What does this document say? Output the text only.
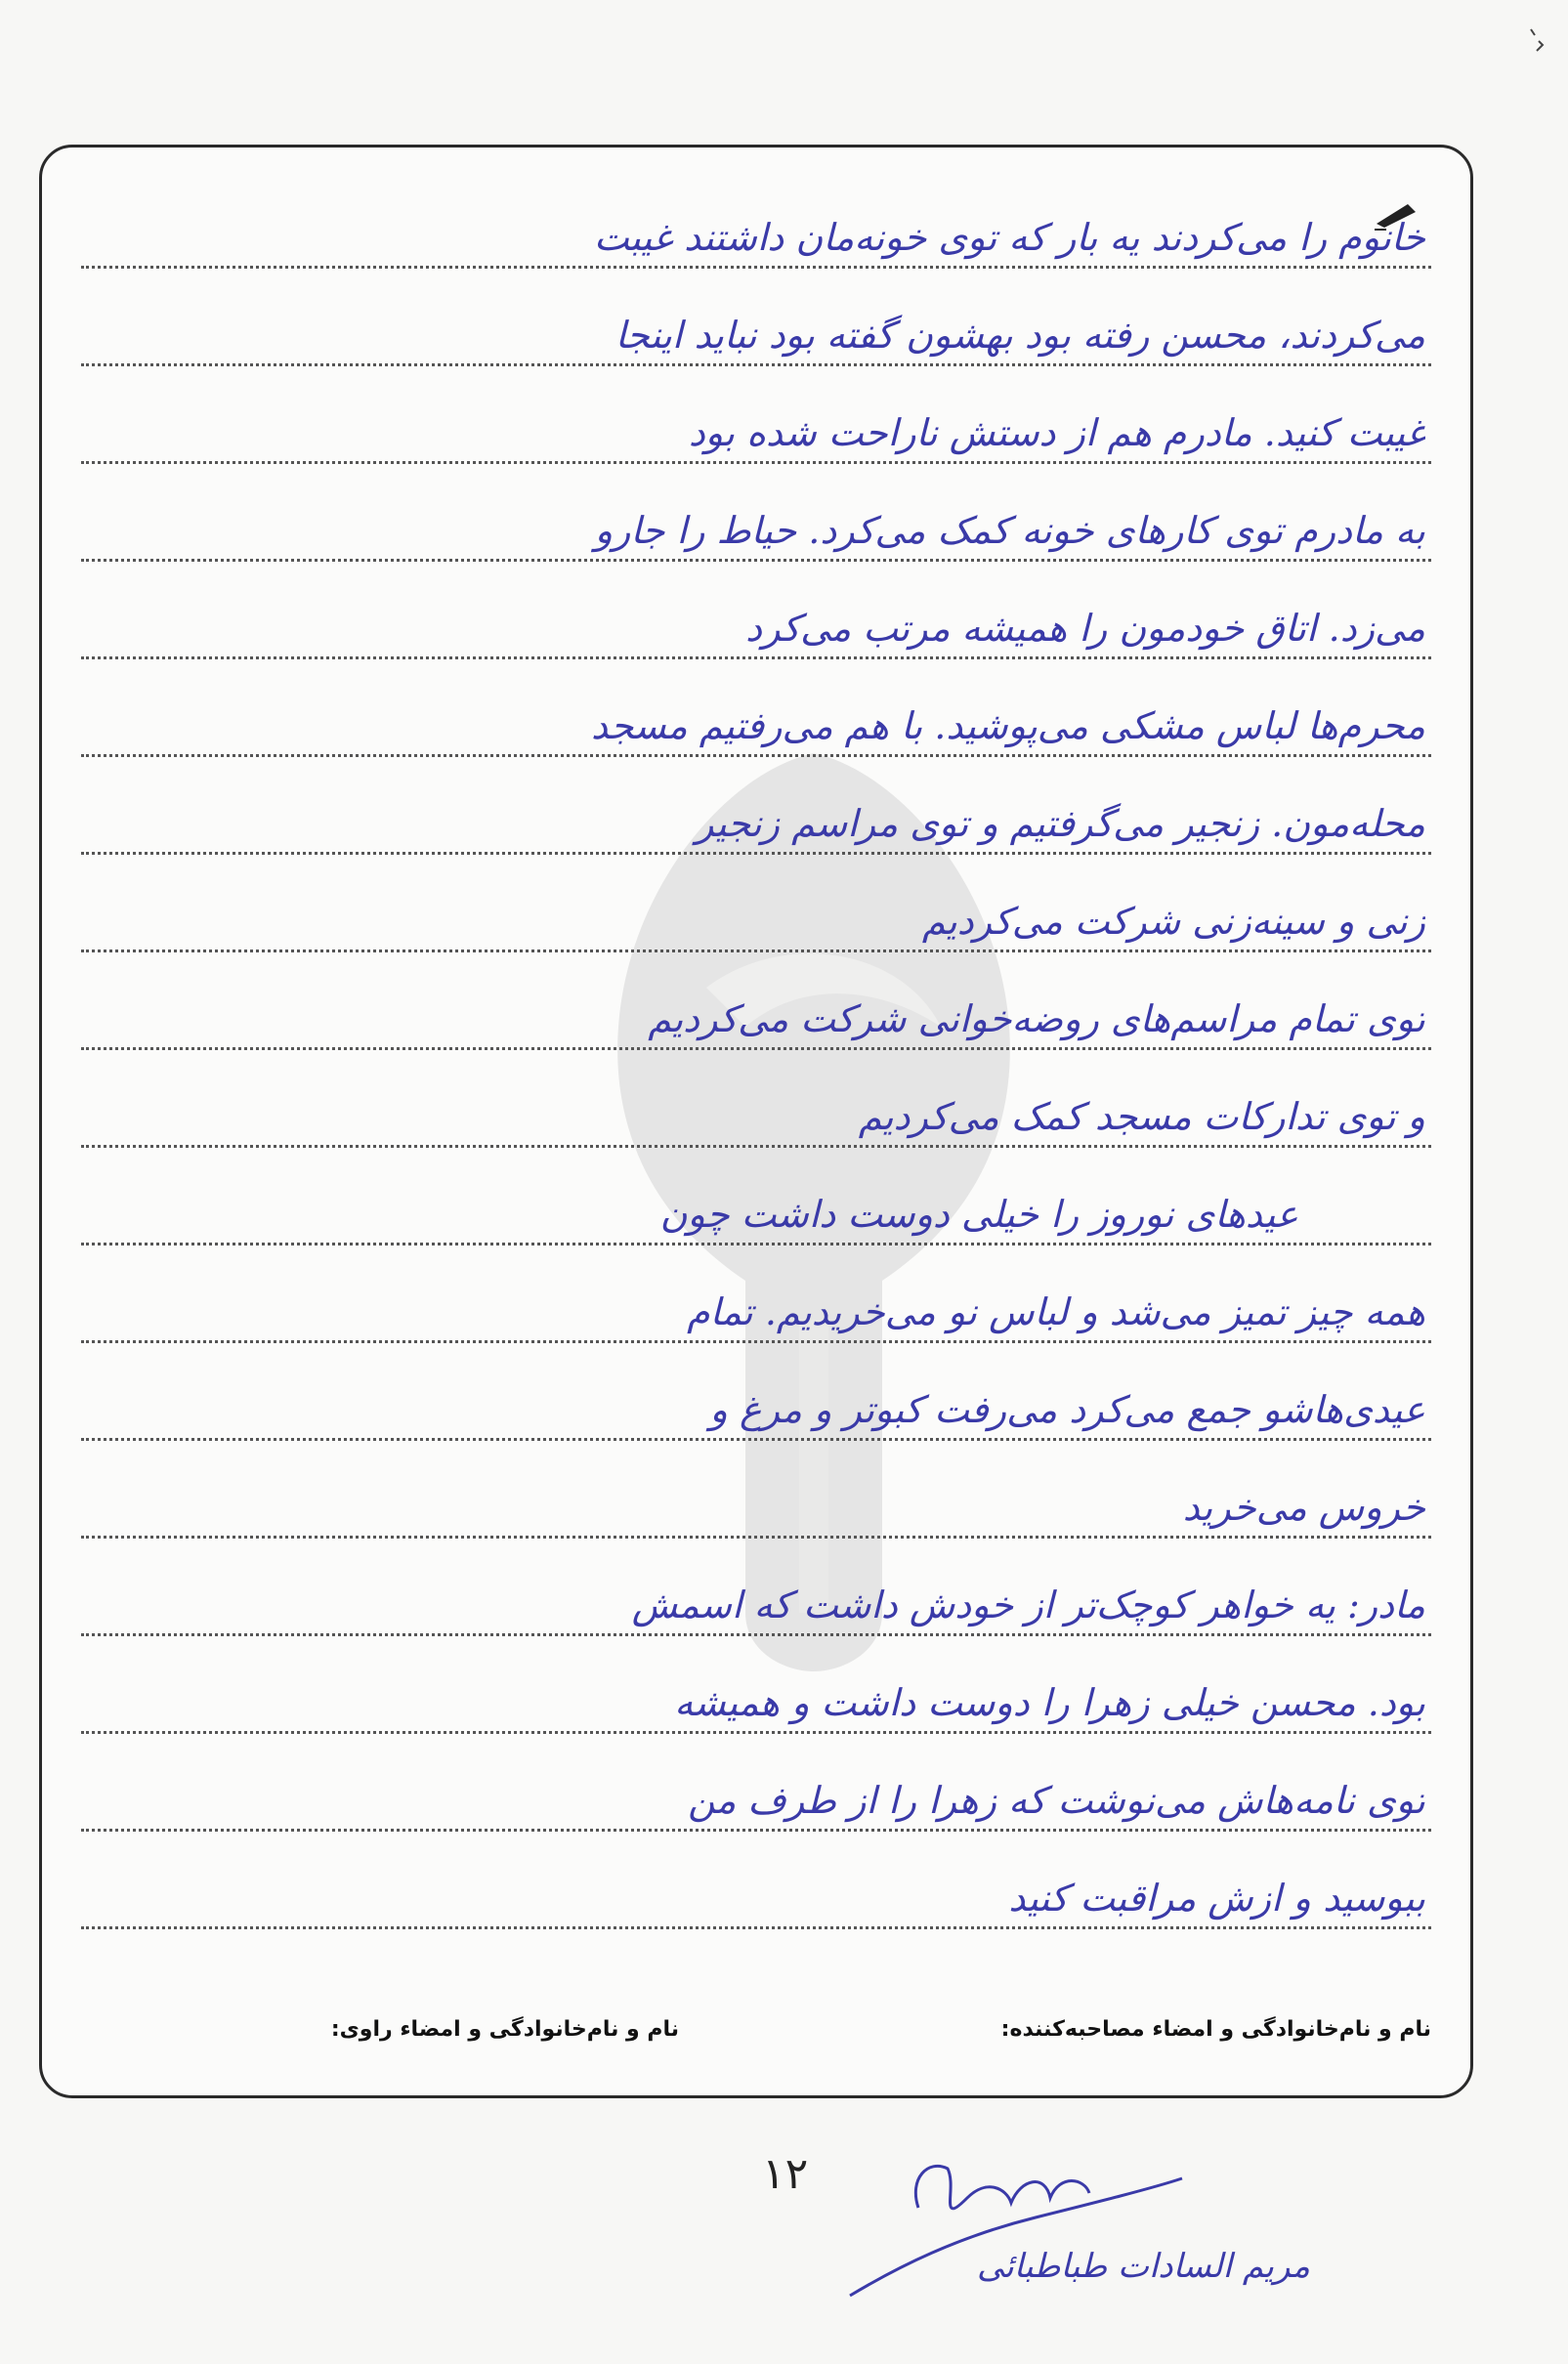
خانوم را می‌کردند یه بار که توی خونه‌مان داشتند غیبت
می‌کردند، محسن رفته بود بهشون گفته بود نباید اینجا
غیبت کنید. مادرم هم از دستش ناراحت شده بود
به مادرم توی کارهای خونه کمک می‌کرد. حیاط را جارو
می‌زد. اتاق خودمون را همیشه مرتب می‌کرد
محرم‌ها لباس مشکی می‌پوشید. با هم می‌رفتیم مسجد
محله‌مون. زنجیر می‌گرفتیم و توی مراسم زنجیر
زنی و سینه‌زنی شرکت می‌کردیم
توی تمام مراسم‌های روضه‌خوانی شرکت می‌کردیم
و توی تدارکات مسجد کمک می‌کردیم
عیدهای نوروز را خیلی دوست داشت چون
همه چیز تمیز می‌شد و لباس نو می‌خریدیم. تمام
عیدی‌هاشو جمع می‌کرد می‌رفت کبوتر و مرغ و
خروس می‌خرید
مادر: یه خواهر کوچک‌تر از خودش داشت که اسمش
بود. محسن خیلی زهرا را دوست داشت و همیشه
توی نامه‌هاش می‌نوشت که زهرا را از طرف من
ببوسید و ازش مراقبت کنید
نام و نام‌خانوادگی و امضاء مصاحبه‌کننده:
نام و نام‌خانوادگی و امضاء راوی:
۱۲
مریم السادات طباطبائی
